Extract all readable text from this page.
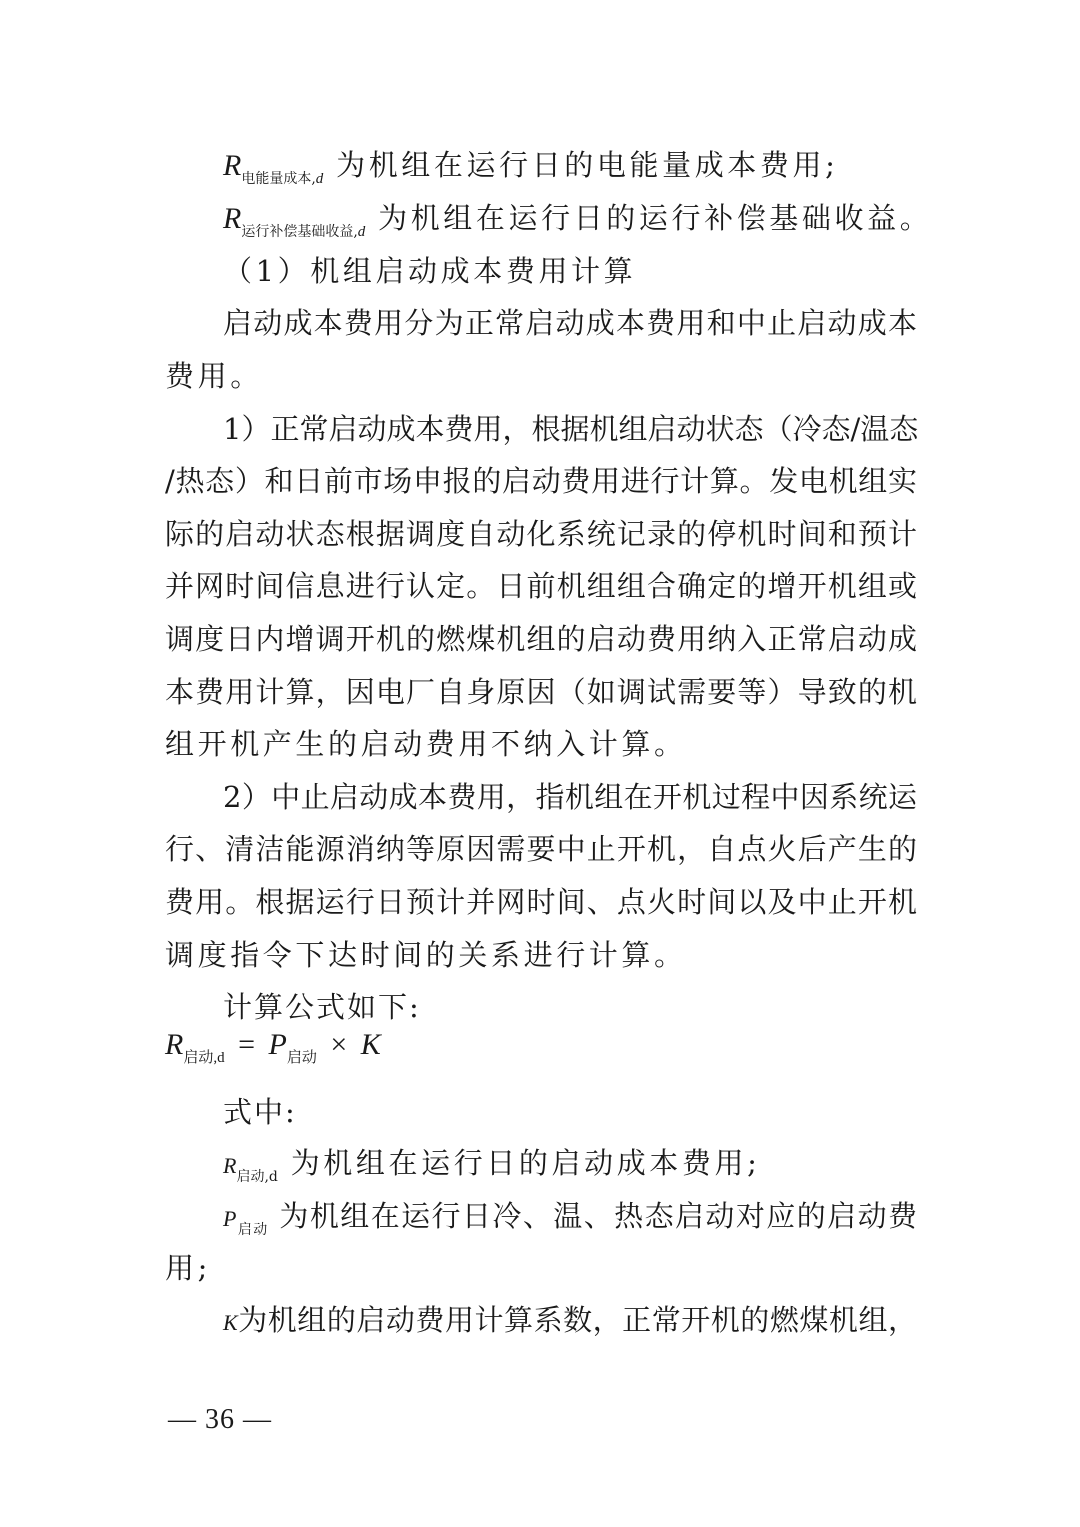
$R_{电能量成本,d}$ 为机组在运行日的电能量成本费用;
$R_{运行补偿基础收益,d}$ 为机组在运行日的运行补偿基础收益。
（1）机组启动成本费用计算
启动成本费用分为正常启动成本费用和中止启动成本
费用。
1）正常启动成本费用，根据机组启动状态（冷态/温态
/热态）和日前市场申报的启动费用进行计算。发电机组实
际的启动状态根据调度自动化系统记录的停机时间和预计
并网时间信息进行认定。日前机组组合确定的增开机组或
调度日内增调开机的燃煤机组的启动费用纳入正常启动成
本费用计算，因电厂自身原因（如调试需要等）导致的机
组开机产生的启动费用不纳入计算。
2）中止启动成本费用，指机组在开机过程中因系统运
行、清洁能源消纳等原因需要中止开机，自点火后产生的
费用。根据运行日预计并网时间、点火时间以及中止开机
调度指令下达时间的关系进行计算。
计算公式如下:
$R_{启动,d} = P_{启动} \times K$
式中:
$R_{启动,d}$ 为机组在运行日的启动成本费用;
$P_{启动}$ 为机组在运行日冷、温、热态启动对应的启动费
用;
K为机组的启动费用计算系数，正常开机的燃煤机组，
— 36 —
